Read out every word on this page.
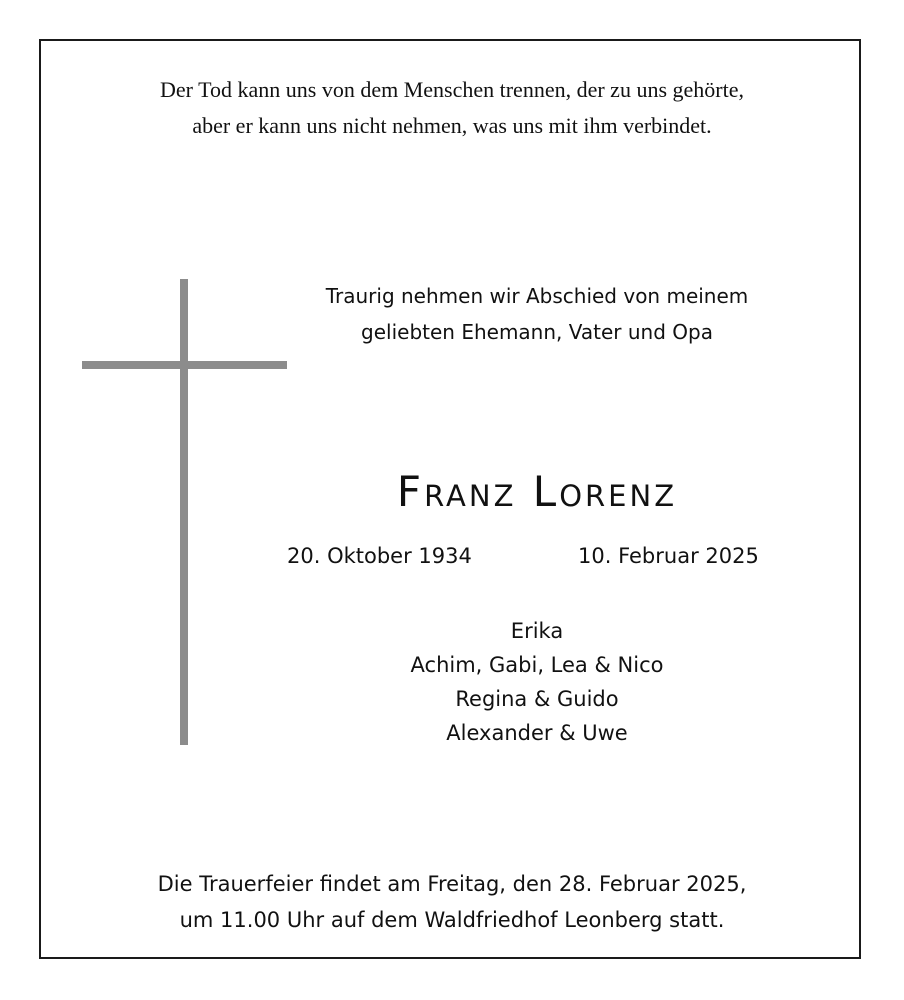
Der Tod kann uns von dem Menschen trennen, der zu uns gehörte,
aber er kann uns nicht nehmen, was uns mit ihm verbindet.
Traurig nehmen wir Abschied von meinem
geliebten Ehemann, Vater und Opa
Franz Lorenz
20. Oktober 1934	10. Februar 2025
Erika
Achim, Gabi, Lea & Nico
Regina & Guido
Alexander & Uwe
Die Trauerfeier findet am Freitag, den 28. Februar 2025,
um 11.00 Uhr auf dem Waldfriedhof Leonberg statt.
